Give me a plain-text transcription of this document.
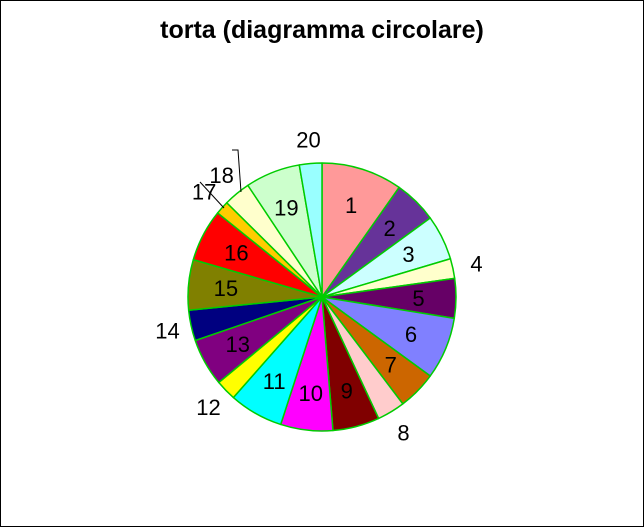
torta (diagramma circolare)
1
2
3	4
5
6
7
8
9
10
11
12
13
14
15
16
17
18
19
20
